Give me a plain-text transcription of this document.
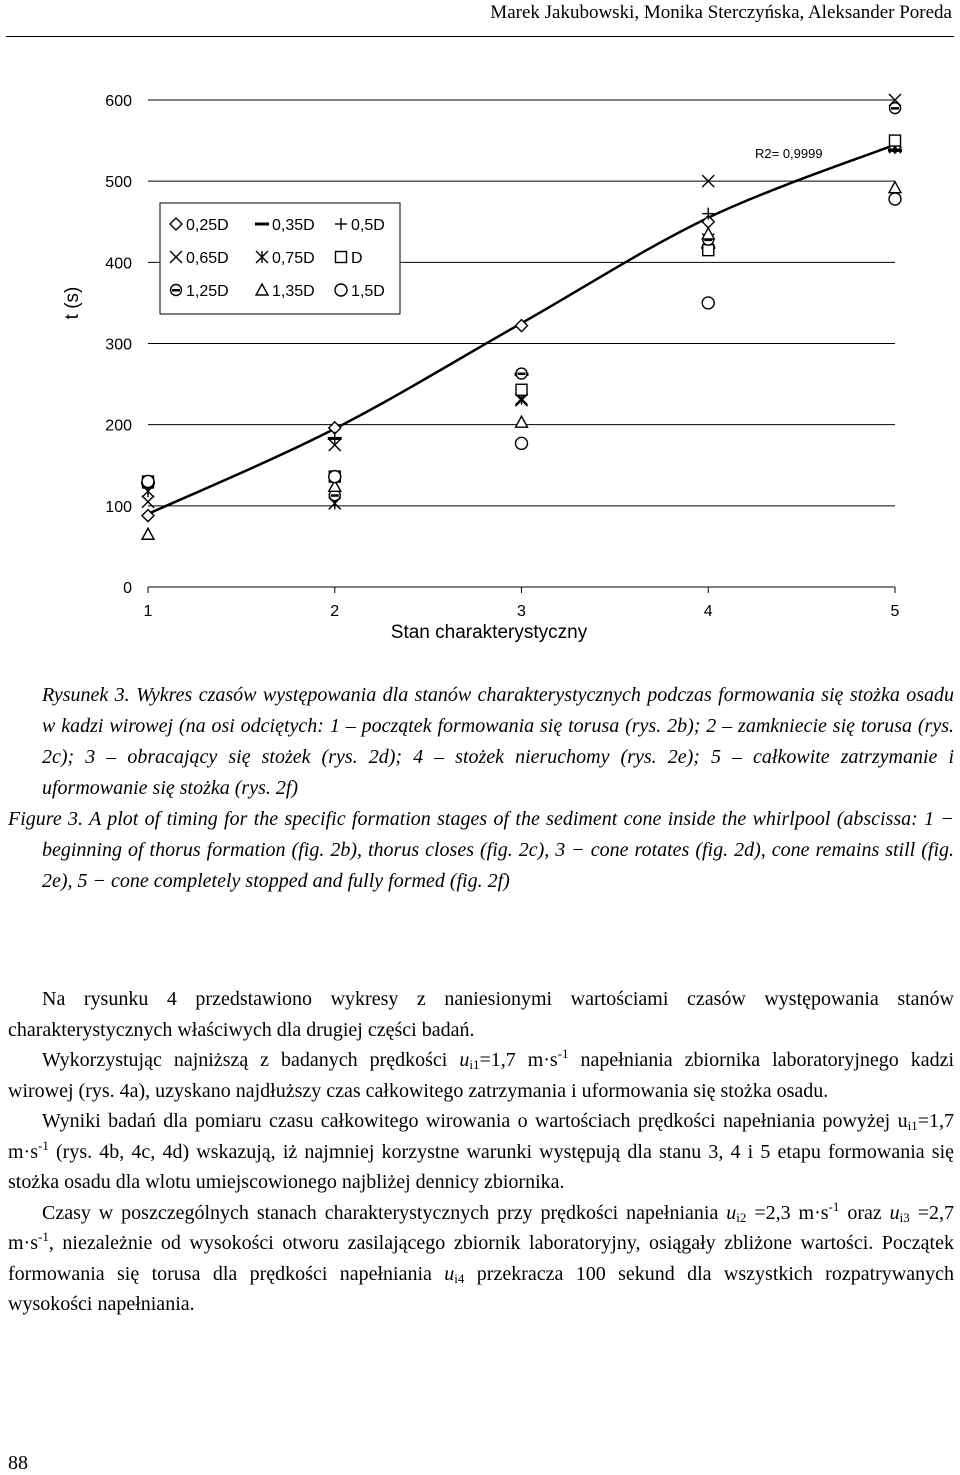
Marek Jakubowski, Monika Sterczyńska, Aleksander Poreda
0
100
200
300
400
500
600
1	2	3	4	5
t (s)
Stan charakterystyczny
R2= 0,9999
0,25D	0,35D 0,5D
0,65D	0,75D D
1,25D	1,35D 1,5D

Rysunek 3. Wykres czasów występowania dla stanów charakterystycznych podczas formowania się stożka osadu w kadzi wirowej (na osi odciętych: 1 – początek formowania się torusa (rys. 2b); 2 – zamkniecie się torusa (rys. 2c); 3 – obracający się stożek (rys. 2d); 4 – stożek nieruchomy (rys. 2e); 5 – całkowite zatrzymanie i uformowanie się stożka (rys. 2f)

Figure 3. A plot of timing for the specific formation stages of the sediment cone inside the whirlpool (abscissa: 1 − beginning of thorus formation (fig. 2b), thorus closes (fig. 2c), 3 − cone rotates (fig. 2d), cone remains still (fig. 2e), 5 − cone completely stopped and fully formed (fig. 2f)

Na rysunku 4 przedstawiono wykresy z naniesionymi wartościami czasów występowania stanów charakterystycznych właściwych dla drugiej części badań.

Wykorzystując najniższą z badanych prędkości $u_{i1}=1,7$ $m\cdot s^{-1}$ napełniania zbiornika laboratoryjnego kadzi wirowej (rys. 4a), uzyskano najdłuższy czas całkowitego zatrzymania i uformowania się stożka osadu.

Wyniki badań dla pomiaru czasu całkowitego wirowania o wartościach prędkości napełniania powyżej $u_{i1}=1,7$ $m\cdot s^{-1}$ (rys. 4b, 4c, 4d) wskazują, iż najmniej korzystne warunki występują dla stanu 3, 4 i 5 etapu formowania się stożka osadu dla wlotu umiejscowionego najbliżej dennicy zbiornika.

Czasy w poszczególnych stanach charakterystycznych przy prędkości napełniania $u_{i2} =2,3$ $m\cdot s^{-1}$ oraz $u_{i3} =2,7$ $m\cdot s^{-1}$, niezależnie od wysokości otworu zasilającego zbiornik laboratoryjny, osiągały zbliżone wartości. Początek formowania się torusa dla prędkości napełniania $u_{i4}$ przekracza 100 sekund dla wszystkich rozpatrywanych wysokości napełniania.

88
